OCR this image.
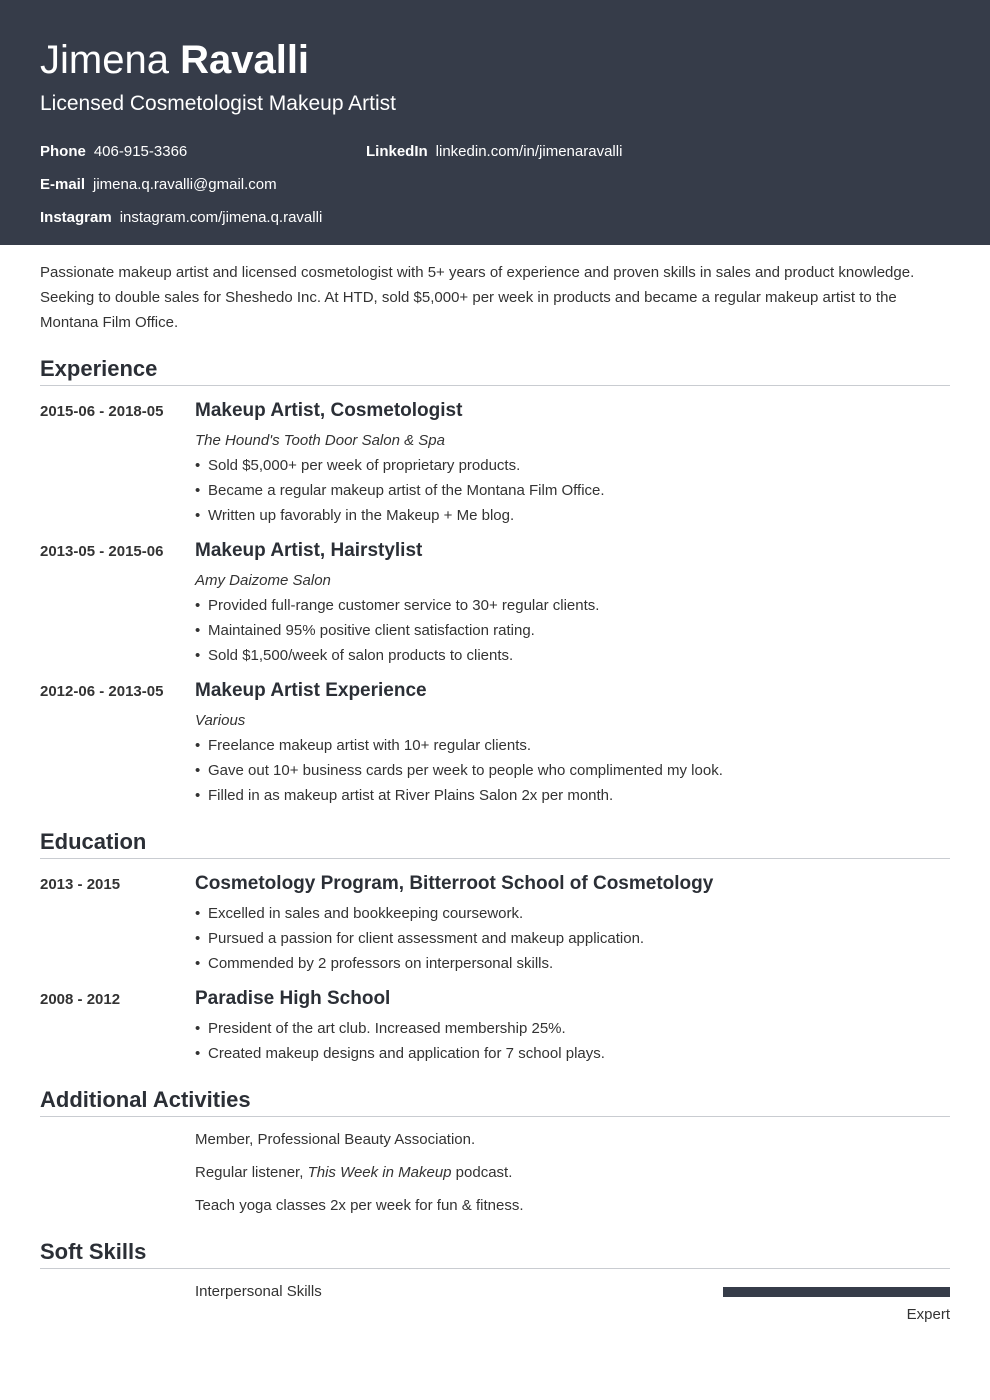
Jimena Ravalli
Licensed Cosmetologist Makeup Artist
Phone 406-915-3366	LinkedIn linkedin.com/in/jimenaravalli
E-mail jimena.q.ravalli@gmail.com
Instagram instagram.com/jimena.q.ravalli

Passionate makeup artist and licensed cosmetologist with 5+ years of experience and proven skills in sales and product knowledge. Seeking to double sales for Sheshedo Inc. At HTD, sold $5,000+ per week in products and became a regular makeup artist to the Montana Film Office.

Experience
2015-06 - 2018-05 Makeup Artist, Cosmetologist
The Hound's Tooth Door Salon & Spa
• Sold $5,000+ per week of proprietary products.
• Became a regular makeup artist of the Montana Film Office.
• Written up favorably in the Makeup + Me blog.
2013-05 - 2015-06 Makeup Artist, Hairstylist
Amy Daizome Salon
• Provided full-range customer service to 30+ regular clients.
• Maintained 95% positive client satisfaction rating.
• Sold $1,500/week of salon products to clients.
2012-06 - 2013-05 Makeup Artist Experience
Various
• Freelance makeup artist with 10+ regular clients.
• Gave out 10+ business cards per week to people who complimented my look.
• Filled in as makeup artist at River Plains Salon 2x per month.
Education
2013 - 2015	Cosmetology Program, Bitterroot School of Cosmetology
• Excelled in sales and bookkeeping coursework.
• Pursued a passion for client assessment and makeup application.
• Commended by 2 professors on interpersonal skills.
2008 - 2012	Paradise High School
• President of the art club. Increased membership 25%.
• Created makeup designs and application for 7 school plays.
Additional Activities
Member, Professional Beauty Association.
Regular listener, This Week in Makeup podcast.
Teach yoga classes 2x per week for fun & fitness.
Soft Skills
Interpersonal Skills
Expert
